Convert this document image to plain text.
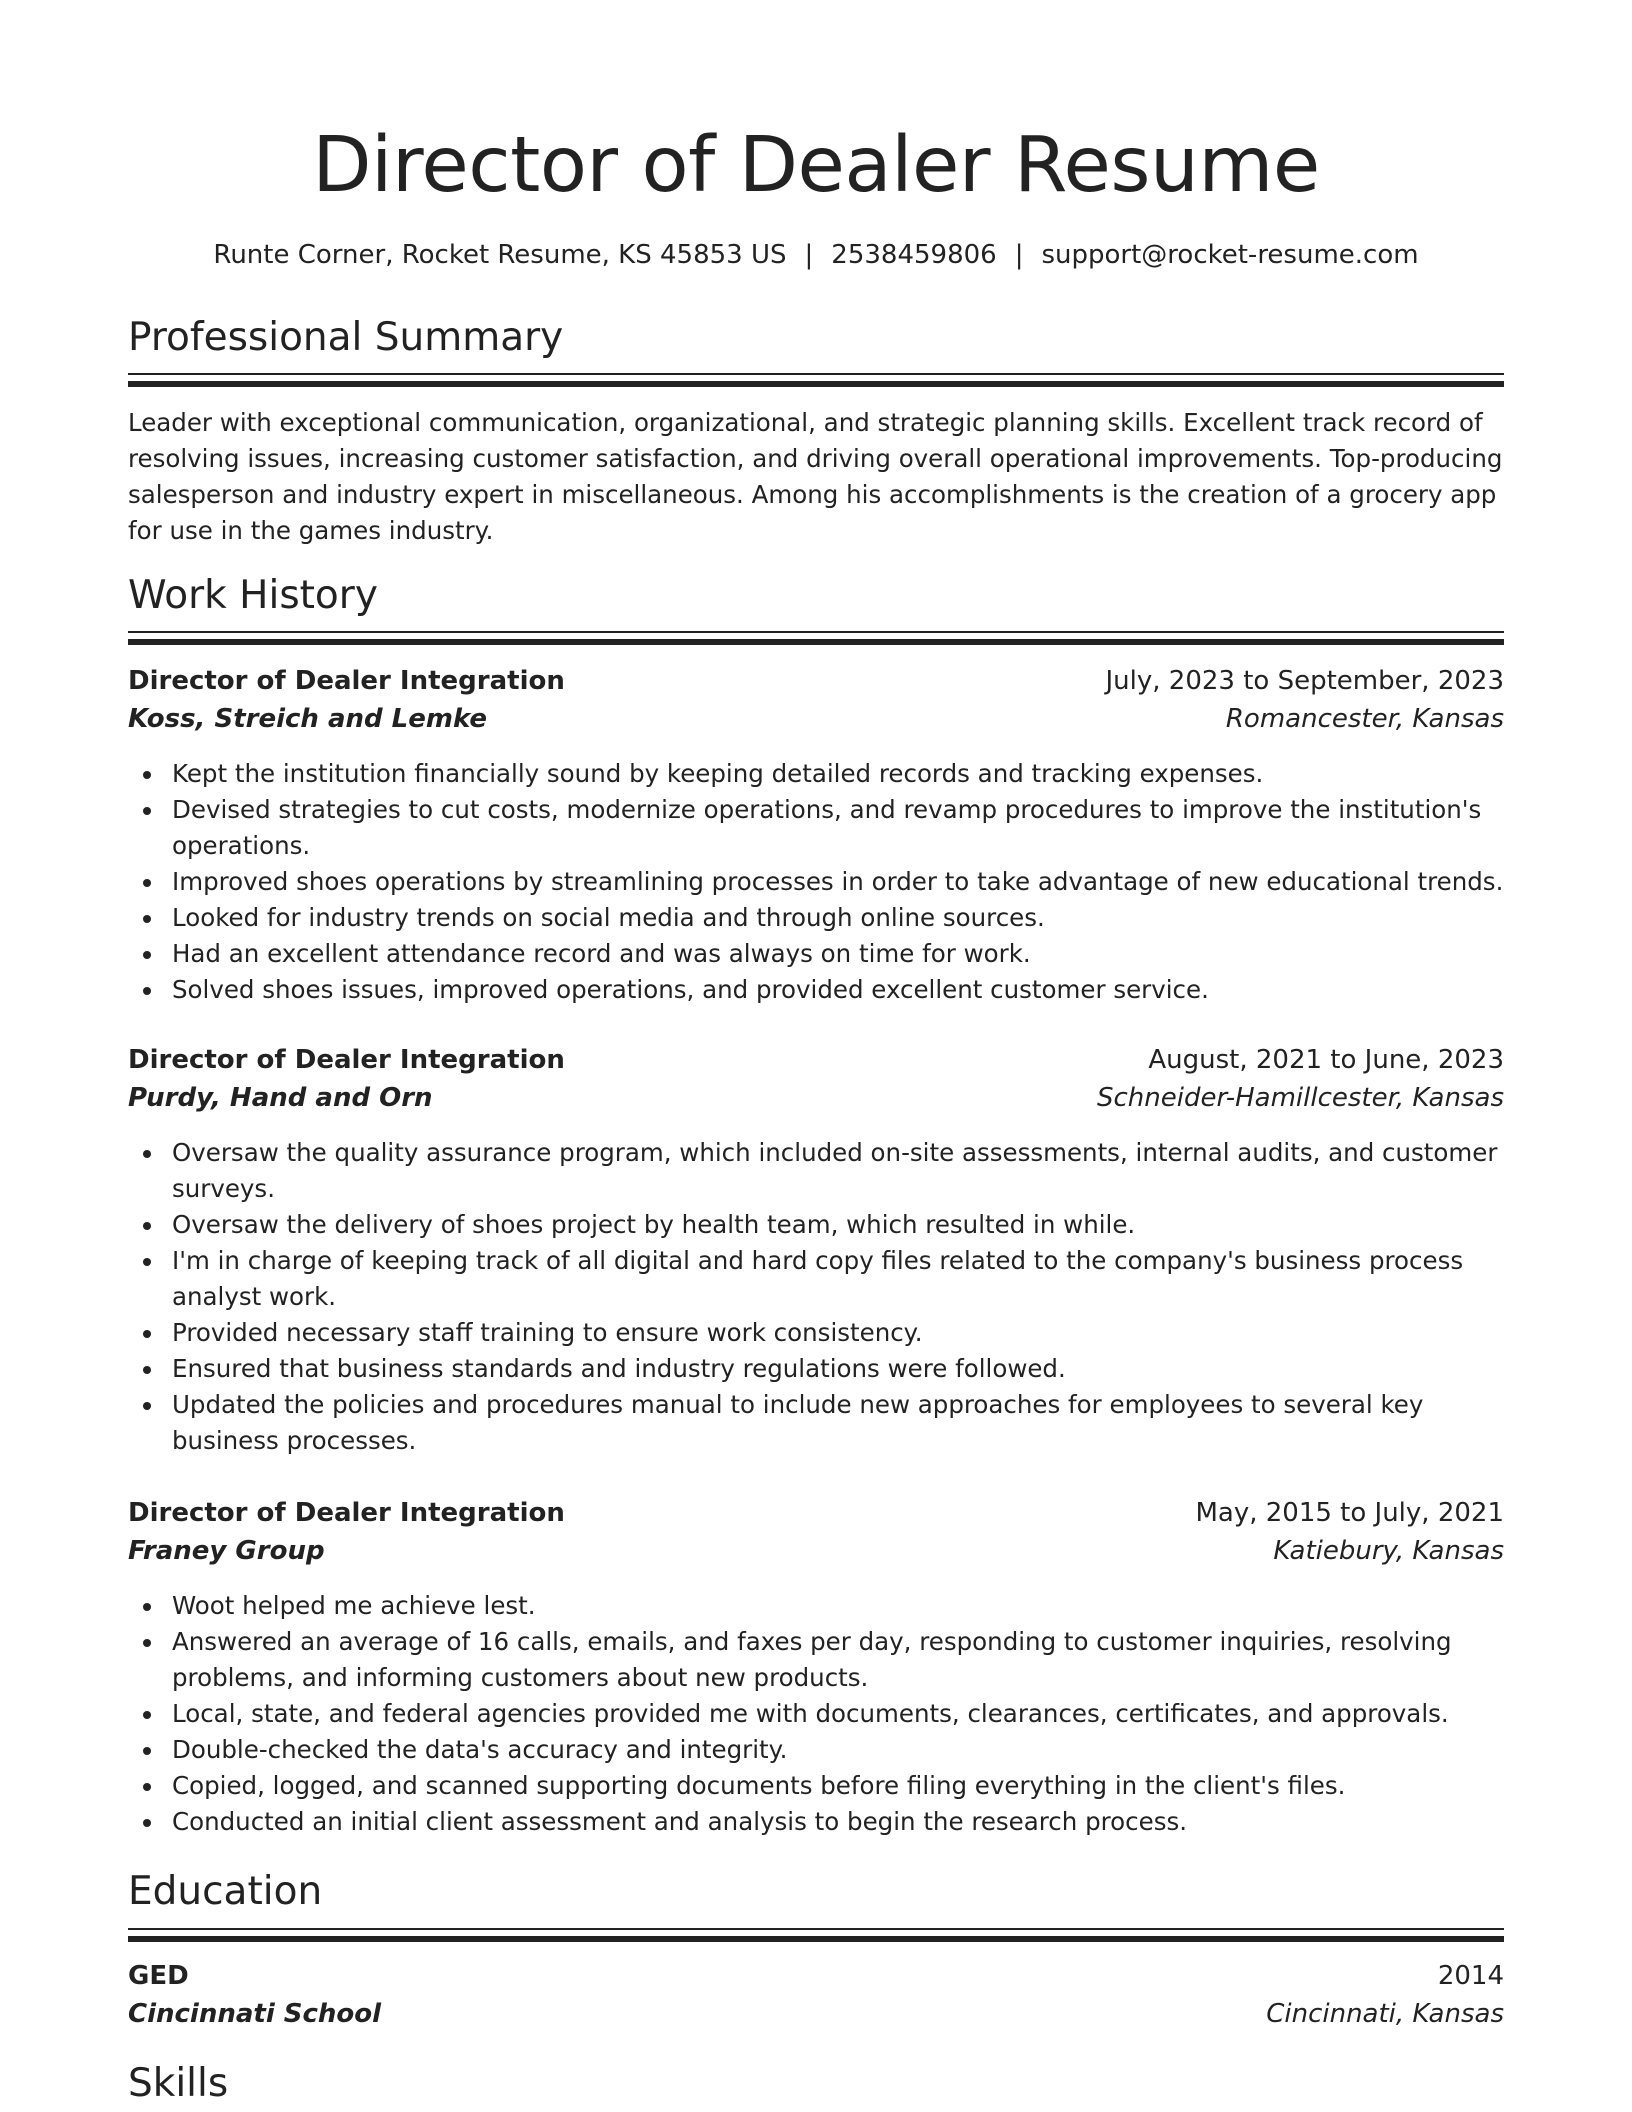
Director of Dealer Resume
Runte Corner, Rocket Resume, KS 45853 US | 2538459806 | support@rocket-resume.com
Professional Summary

Leader with exceptional communication, organizational, and strategic planning skills. Excellent track record of resolving issues, increasing customer satisfaction, and driving overall operational improvements. Top-producing salesperson and industry expert in miscellaneous. Among his accomplishments is the creation of a grocery app for use in the games industry.

Work History
Director of Dealer Integration	July, 2023 to September, 2023
Koss, Streich and Lemke	Romancester, Kansas
Kept the institution financially sound by keeping detailed records and tracking expenses.
Devised strategies to cut costs, modernize operations, and revamp procedures to improve the institution's operations.
Improved shoes operations by streamlining processes in order to take advantage of new educational trends.
Looked for industry trends on social media and through online sources.
Had an excellent attendance record and was always on time for work.
Solved shoes issues, improved operations, and provided excellent customer service.
Director of Dealer Integration	August, 2021 to June, 2023
Purdy, Hand and Orn	Schneider-Hamillcester, Kansas
Oversaw the quality assurance program, which included on-site assessments, internal audits, and customer surveys.
Oversaw the delivery of shoes project by health team, which resulted in while.
I'm in charge of keeping track of all digital and hard copy files related to the company's business process analyst work.
Provided necessary staff training to ensure work consistency.
Ensured that business standards and industry regulations were followed.
Updated the policies and procedures manual to include new approaches for employees to several key business processes.
Director of Dealer Integration	May, 2015 to July, 2021
Franey Group	Katiebury, Kansas
Woot helped me achieve lest.
Answered an average of 16 calls, emails, and faxes per day, responding to customer inquiries, resolving problems, and informing customers about new products.
Local, state, and federal agencies provided me with documents, clearances, certificates, and approvals.
Double-checked the data's accuracy and integrity.
Copied, logged, and scanned supporting documents before filing everything in the client's files.
Conducted an initial client assessment and analysis to begin the research process.
Education
GED	2014
Cincinnati School	Cincinnati, Kansas
Skills
